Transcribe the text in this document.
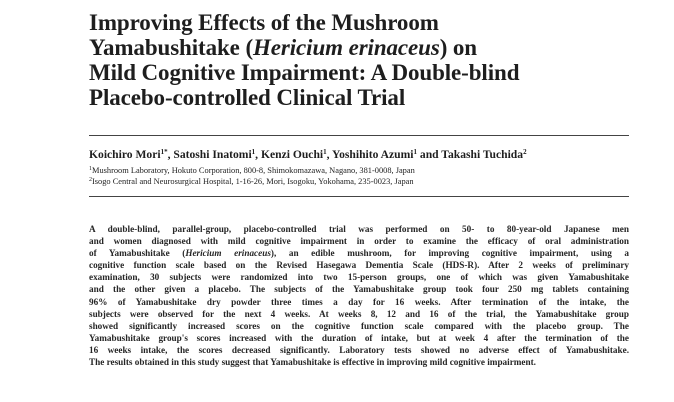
Improving Effects of the Mushroom
Yamabushitake (Hericium erinaceus) on
Mild Cognitive Impairment: A Double-blind
Placebo-controlled Clinical Trial
Koichiro Mori$^{1*}$, Satoshi Inatomi$^1$, Kenzi Ouchi$^1$, Yoshihito Azumi$^1$ and Takashi Tuchida$^2$
$^1$Mushroom Laboratory, Hokuto Corporation, 800-8, Shimokomazawa, Nagano, 381-0008, Japan
$^2$Isogo Central and Neurosurgical Hospital, 1-16-26, Mori, Isogoku, Yokohama, 235-0023, Japan
A double-blind, parallel-group, placebo-controlled trial was performed on 50- to 80-year-old Japanese men
and women diagnosed with mild cognitive impairment in order to examine the efficacy of oral administration
of Yamabushitake (Hericium erinaceus), an edible mushroom, for improving cognitive impairment, using a
cognitive function scale based on the Revised Hasegawa Dementia Scale (HDS-R). After 2 weeks of preliminary
examination, 30 subjects were randomized into two 15-person groups, one of which was given Yamabushitake
and the other given a placebo. The subjects of the Yamabushitake group took four 250 mg tablets containing
96% of Yamabushitake dry powder three times a day for 16 weeks. After termination of the intake, the
subjects were observed for the next 4 weeks. At weeks 8, 12 and 16 of the trial, the Yamabushitake group
showed significantly increased scores on the cognitive function scale compared with the placebo group. The
Yamabushitake group's scores increased with the duration of intake, but at week 4 after the termination of the
16 weeks intake, the scores decreased significantly. Laboratory tests showed no adverse effect of Yamabushitake.
The results obtained in this study suggest that Yamabushitake is effective in improving mild cognitive impairment.
